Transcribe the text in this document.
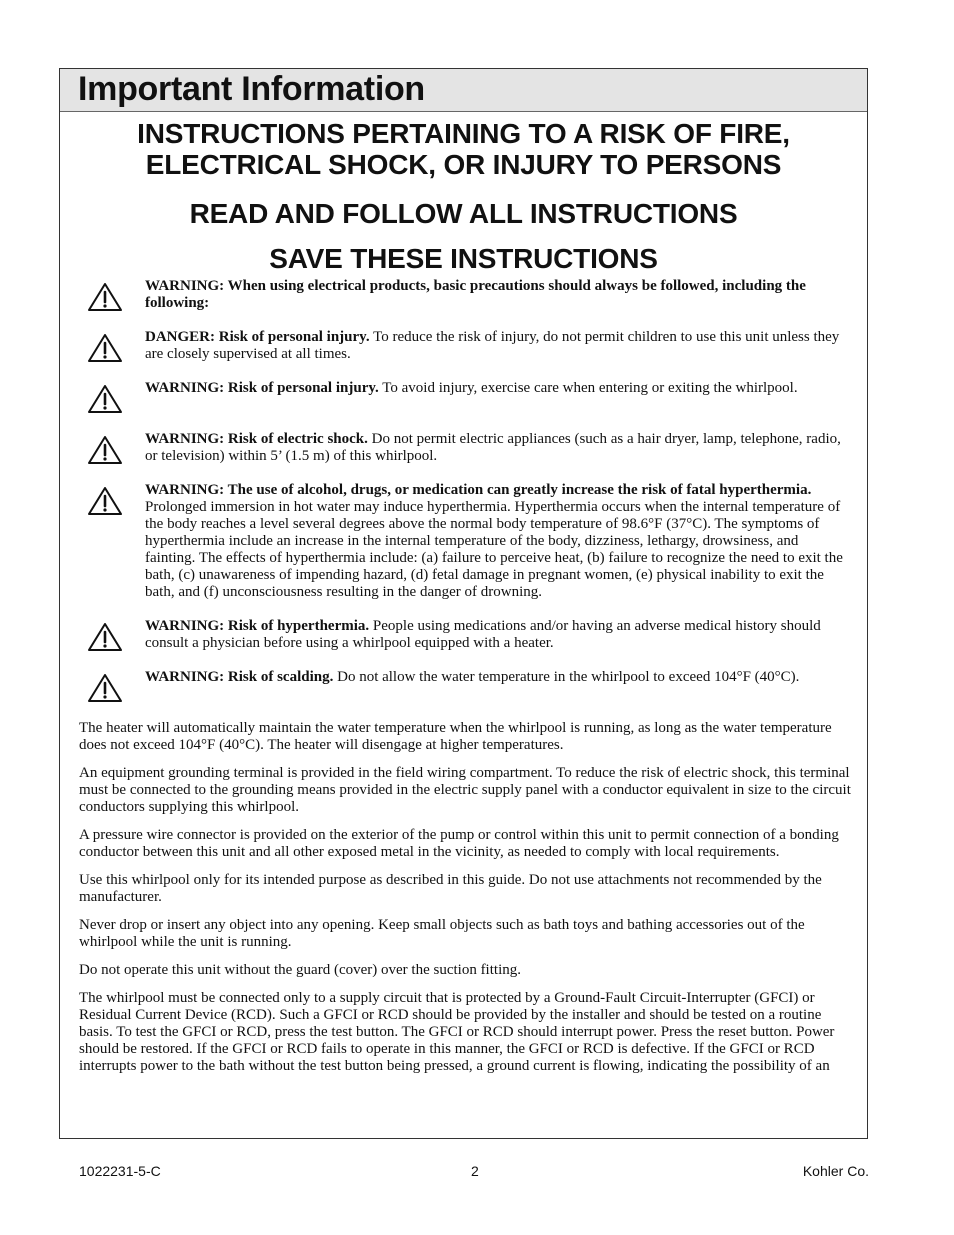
Important Information
INSTRUCTIONS PERTAINING TO A RISK OF FIRE,
ELECTRICAL SHOCK, OR INJURY TO PERSONS
READ AND FOLLOW ALL INSTRUCTIONS
SAVE THESE INSTRUCTIONS
WARNING: When using electrical products, basic precautions should always be followed, including the following:
DANGER: Risk of personal injury. To reduce the risk of injury, do not permit children to use this unit unless they are closely supervised at all times.
WARNING: Risk of personal injury. To avoid injury, exercise care when entering or exiting the whirlpool.
WARNING: Risk of electric shock. Do not permit electric appliances (such as a hair dryer, lamp, telephone, radio, or television) within 5’ (1.5 m) of this whirlpool.
WARNING: The use of alcohol, drugs, or medication can greatly increase the risk of fatal hyperthermia. Prolonged immersion in hot water may induce hyperthermia. Hyperthermia occurs when the internal temperature of the body reaches a level several degrees above the normal body temperature of 98.6°F (37°C). The symptoms of hyperthermia include an increase in the internal temperature of the body, dizziness, lethargy, drowsiness, and fainting. The effects of hyperthermia include: (a) failure to perceive heat, (b) failure to recognize the need to exit the bath, (c) unawareness of impending hazard, (d) fetal damage in pregnant women, (e) physical inability to exit the bath, and (f) unconsciousness resulting in the danger of drowning.
WARNING: Risk of hyperthermia. People using medications and/or having an adverse medical history should consult a physician before using a whirlpool equipped with a heater.
WARNING: Risk of scalding. Do not allow the water temperature in the whirlpool to exceed 104°F (40°C).

The heater will automatically maintain the water temperature when the whirlpool is running, as long as the water temperature does not exceed 104°F (40°C). The heater will disengage at higher temperatures.

An equipment grounding terminal is provided in the field wiring compartment. To reduce the risk of electric shock, this terminal must be connected to the grounding means provided in the electric supply panel with a conductor equivalent in size to the circuit conductors supplying this whirlpool.

A pressure wire connector is provided on the exterior of the pump or control within this unit to permit connection of a bonding conductor between this unit and all other exposed metal in the vicinity, as needed to comply with local requirements.

Use this whirlpool only for its intended purpose as described in this guide. Do not use attachments not recommended by the manufacturer.

Never drop or insert any object into any opening. Keep small objects such as bath toys and bathing accessories out of the whirlpool while the unit is running.

Do not operate this unit without the guard (cover) over the suction fitting.

The whirlpool must be connected only to a supply circuit that is protected by a Ground-Fault Circuit-Interrupter (GFCI) or Residual Current Device (RCD). Such a GFCI or RCD should be provided by the installer and should be tested on a routine basis. To test the GFCI or RCD, press the test button. The GFCI or RCD should interrupt power. Press the reset button. Power should be restored. If the GFCI or RCD fails to operate in this manner, the GFCI or RCD is defective. If the GFCI or RCD interrupts power to the bath without the test button being pressed, a ground current is flowing, indicating the possibility of an

1022231-5-C	2	Kohler Co.
